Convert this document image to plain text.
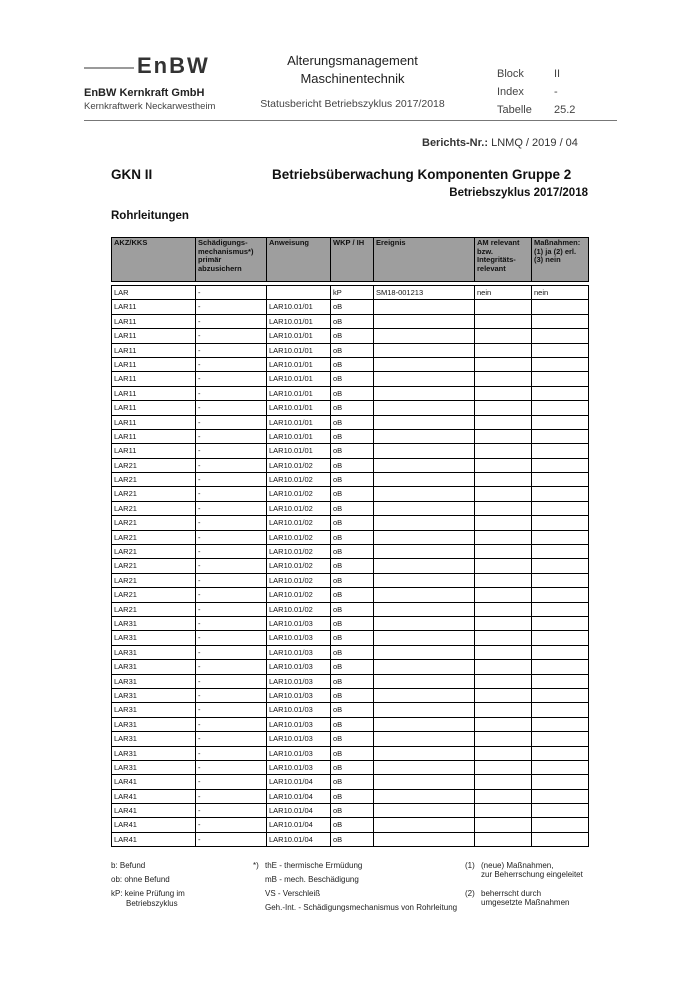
EnBW
EnBW Kernkraft GmbH
Kernkraftwerk Neckarwestheim
Alterungsmanagement
Maschinentechnik
Statusbericht Betriebszyklus 2017/2018
Block	II
Index	-
Tabelle 25.2
Berichts-Nr.: LNMQ / 2019 / 04
GKN II	Betriebsüberwachung Komponenten Gruppe 2
Betriebszyklus 2017/2018
Rohrleitungen
AKZ/KKS	Schädigungs-mechanismus*) primär abzusichern	Anweisung	WKP / IH	Ereignis	AM relevant bzw. Integritäts-relevant	Maßnahmen: (1) ja (2) erl. (3) nein

LAR	-		kP	SM18-001213	nein	nein
LAR11	-	LAR10.01/01	oB			
LAR11	-	LAR10.01/01	oB			
LAR11	-	LAR10.01/01	oB			
LAR11	-	LAR10.01/01	oB			
LAR11	-	LAR10.01/01	oB			
LAR11	-	LAR10.01/01	oB			
LAR11	-	LAR10.01/01	oB			
LAR11	-	LAR10.01/01	oB			
LAR11	-	LAR10.01/01	oB			
LAR11	-	LAR10.01/01	oB			
LAR11	-	LAR10.01/01	oB			
LAR21	-	LAR10.01/02	oB			
LAR21	-	LAR10.01/02	oB			
LAR21	-	LAR10.01/02	oB			
LAR21	-	LAR10.01/02	oB			
LAR21	-	LAR10.01/02	oB			
LAR21	-	LAR10.01/02	oB			
LAR21	-	LAR10.01/02	oB			
LAR21	-	LAR10.01/02	oB			
LAR21	-	LAR10.01/02	oB			
LAR21	-	LAR10.01/02	oB			
LAR21	-	LAR10.01/02	oB			
LAR31	-	LAR10.01/03	oB			
LAR31	-	LAR10.01/03	oB			
LAR31	-	LAR10.01/03	oB			
LAR31	-	LAR10.01/03	oB			
LAR31	-	LAR10.01/03	oB			
LAR31	-	LAR10.01/03	oB			
LAR31	-	LAR10.01/03	oB			
LAR31	-	LAR10.01/03	oB			
LAR31	-	LAR10.01/03	oB			
LAR31	-	LAR10.01/03	oB			
LAR31	-	LAR10.01/03	oB			
LAR41	-	LAR10.01/04	oB			
LAR41	-	LAR10.01/04	oB			
LAR41	-	LAR10.01/04	oB			
LAR41	-	LAR10.01/04	oB			
LAR41	-	LAR10.01/04	oB			
b: Befund
ob: ohne Befund
kP: keine Prüfung im
Betriebszyklus
*) thE - thermische Ermüdung
mB - mech. Beschädigung
VS - Verschleiß
Geh.-Int. - Schädigungsmechanismus von Rohrleitung
(1) (neue) Maßnahmen,
zur Beherrschung eingeleitet
(2) beherrscht durch
umgesetzte Maßnahmen
